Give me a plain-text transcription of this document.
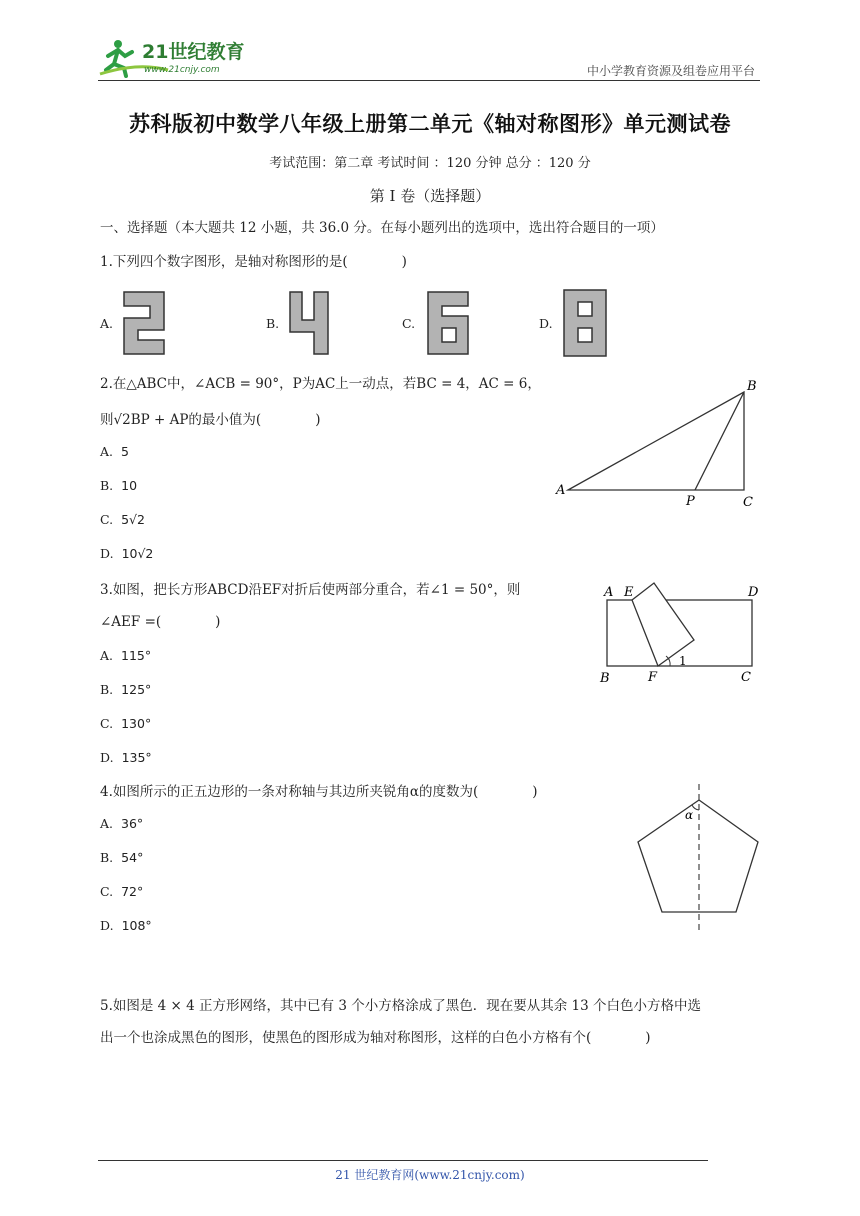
21世纪教育
www.21cnjy.com	中小学教育资源及组卷应用平台
苏科版初中数学八年级上册第二单元《轴对称图形》单元测试卷
考试范围：第二章 考试时间 ：120 分钟 总分 ：120 分
第 I 卷（选择题）
一、选择题（本大题共 12 小题，共 36.0 分。在每小题列出的选项中，选出符合题目的一项）
1.下列四个数字图形，是轴对称图形的是(　　　　)
A.	B.	C.	D.
2.在△ABC中，∠ACB = 90°，P为AC上一动点，若BC = 4，AC = 6，
则√2BP + AP的最小值为(　　　　)
A. 5
B. 10
C. 5√2
D. 10√2
A
B
C
P
3.如图，把长方形ABCD沿EF对折后使两部分重合，若∠1 = 50°，则
∠AEF =(　　　　)
A. 115°
B. 125°
C. 130°
D. 135°
A E	D
B	F	C
1
4.如图所示的正五边形的一条对称轴与其边所夹锐角α的度数为(　　　　)
A. 36°
B. 54°
C. 72°
D. 108°
α
5.如图是 4 × 4 正方形网络，其中已有 3 个小方格涂成了黑色．现在要从其余 13 个白色小方格中选
出一个也涂成黑色的图形，使黑色的图形成为轴对称图形，这样的白色小方格有个(　　　　)
21 世纪教育网(www.21cnjy.com)
